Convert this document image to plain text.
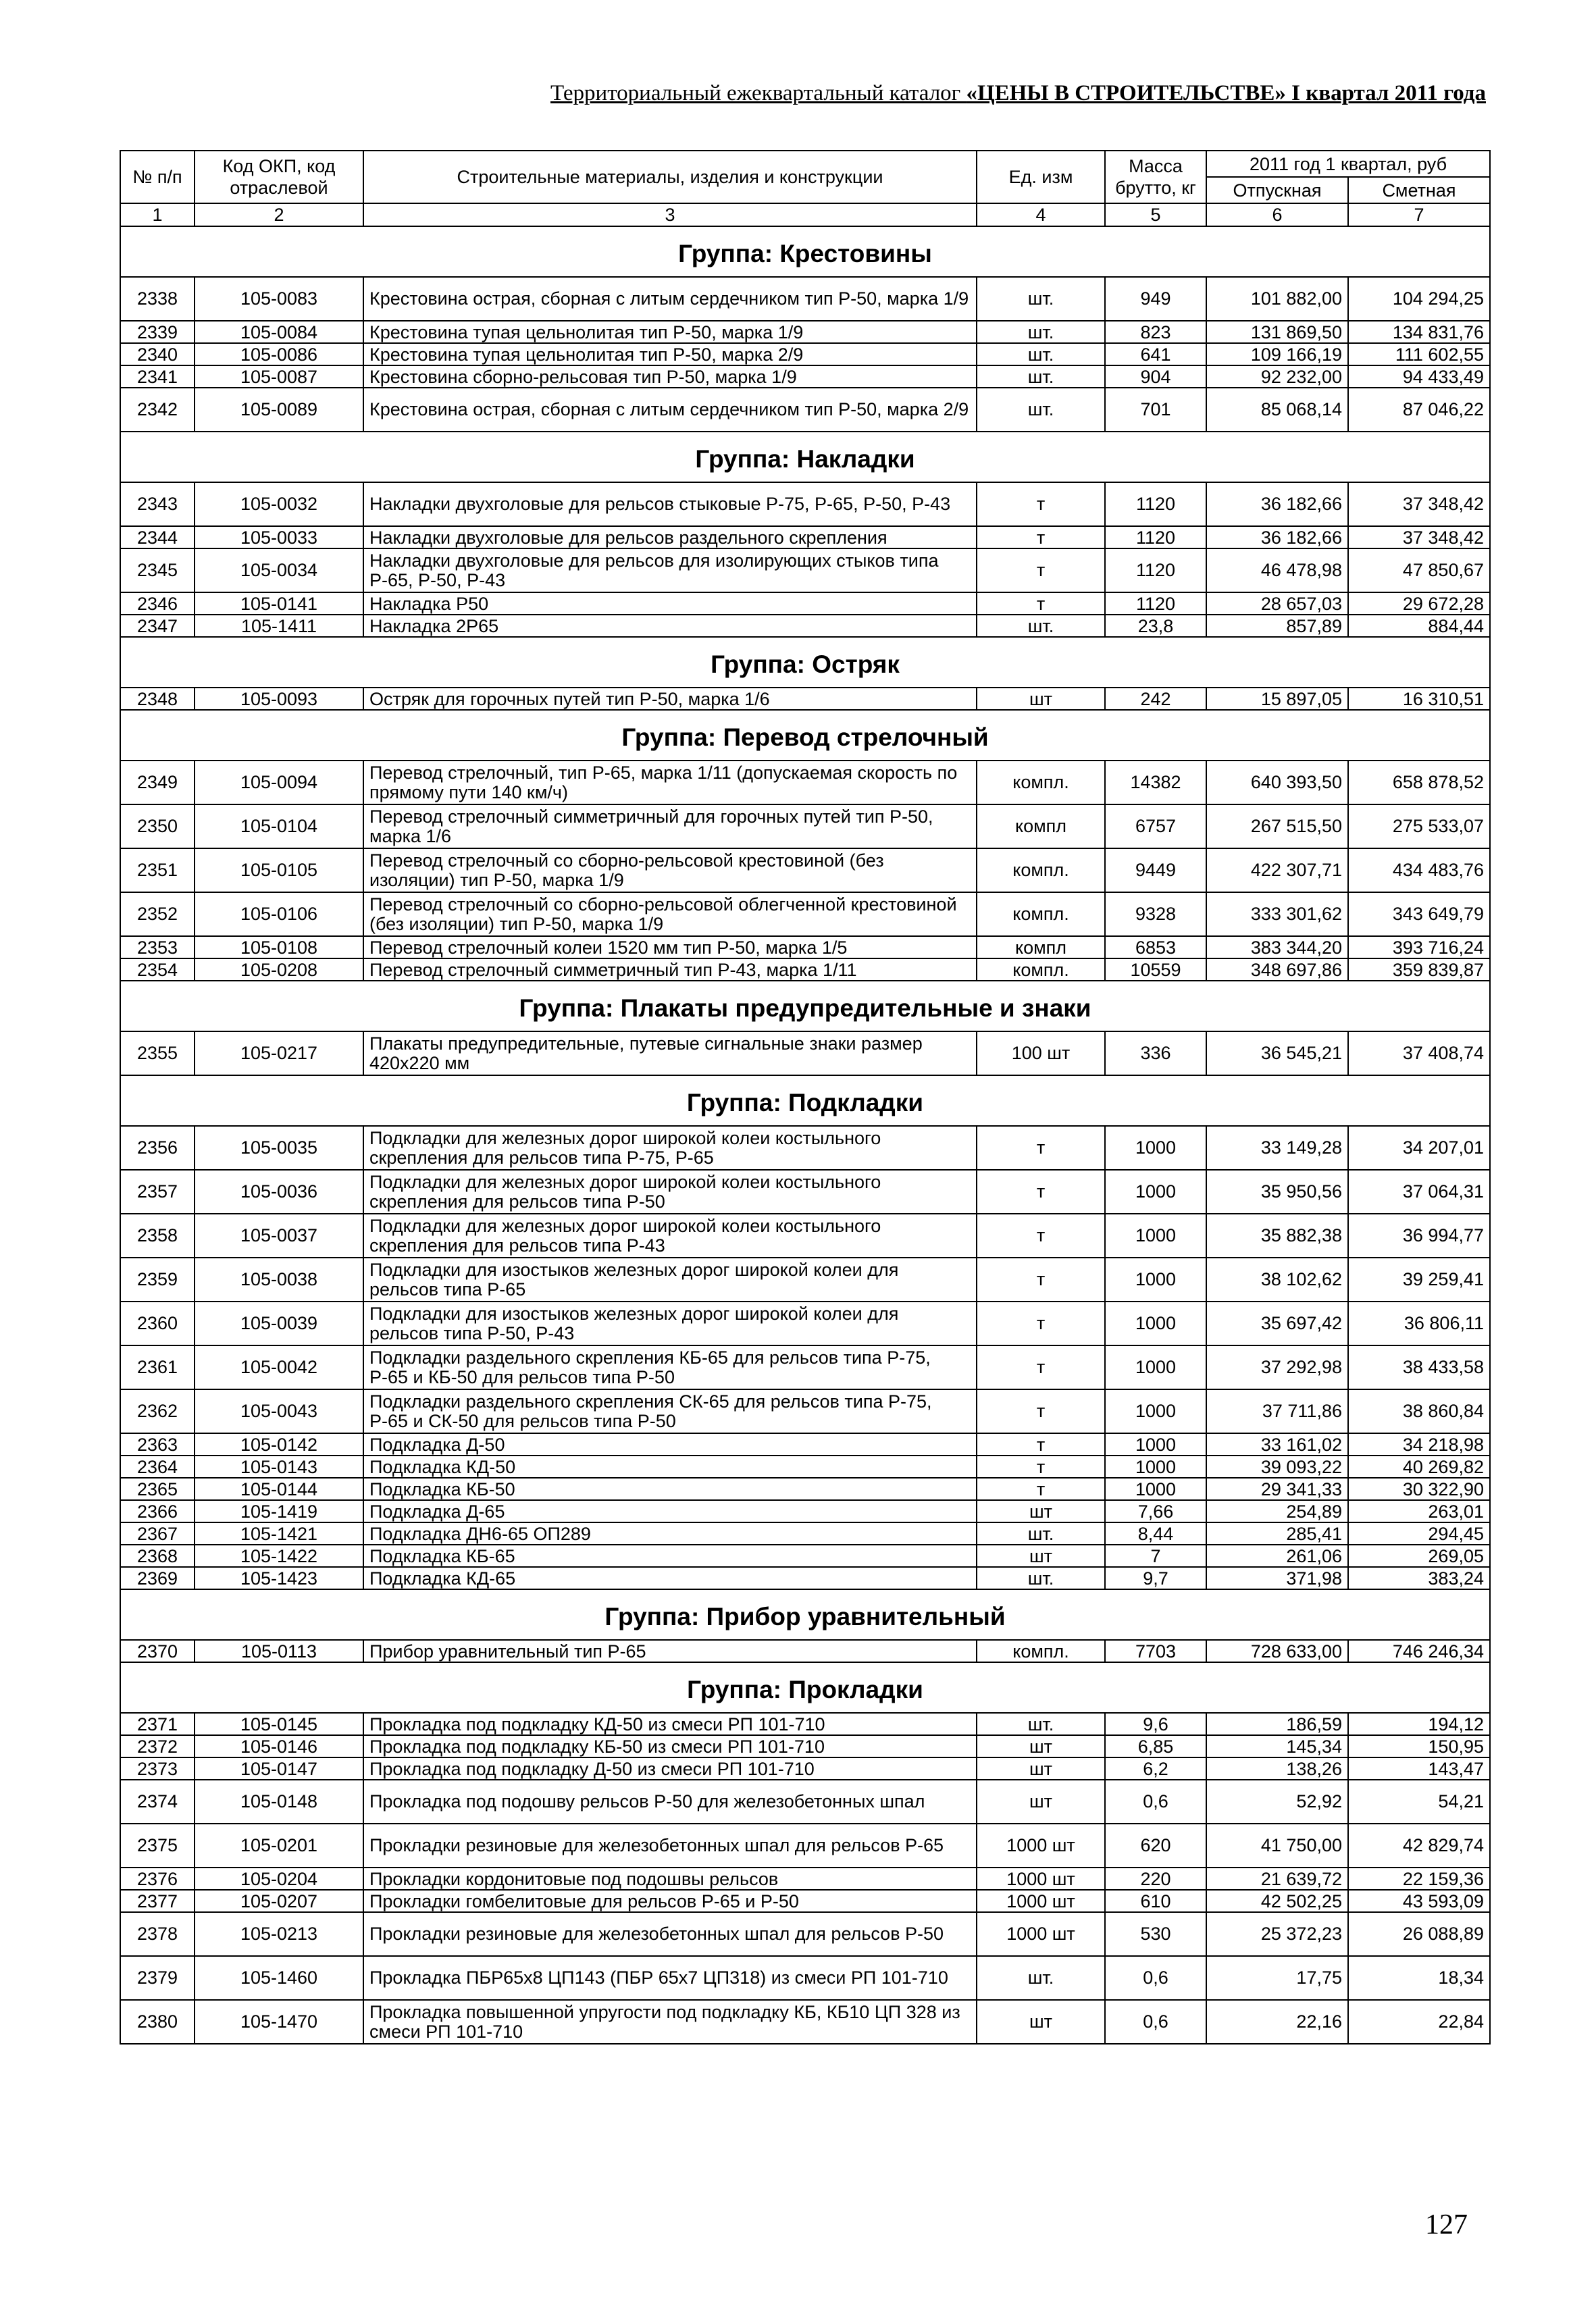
Территориальный ежеквартальный каталог «ЦЕНЫ В СТРОИТЕЛЬСТВЕ» I квартал 2011 года
№ п/п	Код ОКП, код отраслевой	Строительные материалы, изделия и конструкции	Ед. изм	Масса брутто, кг	2011 год 1 квартал, руб	
					Отпускная	Сметная
1	2	3	4	5	6	7
Группа: Крестовины						
2338	105-0083	Крестовина острая, сборная с литым сердечником тип Р-50, марка 1/9	шт.	949	101 882,00	104 294,25
2339	105-0084	Крестовина тупая цельнолитая тип Р-50, марка 1/9	шт.	823	131 869,50	134 831,76
2340	105-0086	Крестовина тупая цельнолитая тип Р-50, марка 2/9	шт.	641	109 166,19	111 602,55
2341	105-0087	Крестовина сборно-рельсовая тип Р-50, марка 1/9	шт.	904	92 232,00	94 433,49
2342	105-0089	Крестовина острая, сборная с литым сердечником тип Р-50, марка 2/9	шт.	701	85 068,14	87 046,22
Группа: Накладки						
2343	105-0032	Накладки двухголовые для рельсов стыковые Р-75, Р-65, Р-50, Р-43	т	1120	36 182,66	37 348,42
2344	105-0033	Накладки двухголовые для рельсов раздельного скрепления	т	1120	36 182,66	37 348,42
2345	105-0034	Накладки двухголовые для рельсов для изолирующих стыков типа Р-65, Р-50, Р-43	т	1120	46 478,98	47 850,67
2346	105-0141	Накладка Р50	т	1120	28 657,03	29 672,28
2347	105-1411	Накладка 2Р65	шт.	23,8	857,89	884,44
Группа: Остряк						
2348	105-0093	Остряк для горочных путей тип Р-50, марка 1/6	шт	242	15 897,05	16 310,51
Группа: Перевод стрелочный						
2349	105-0094	Перевод стрелочный, тип Р-65, марка 1/11 (допускаемая скорость по прямому пути 140 км/ч)	компл.	14382	640 393,50	658 878,52
2350	105-0104	Перевод стрелочный симметричный для горочных путей тип Р-50, марка 1/6	компл	6757	267 515,50	275 533,07
2351	105-0105	Перевод стрелочный со сборно-рельсовой крестовиной (без изоляции) тип Р-50, марка 1/9	компл.	9449	422 307,71	434 483,76
2352	105-0106	Перевод стрелочный со сборно-рельсовой облегченной крестовиной (без изоляции) тип Р-50, марка 1/9	компл.	9328	333 301,62	343 649,79
2353	105-0108	Перевод стрелочный колеи 1520 мм тип Р-50, марка 1/5	компл	6853	383 344,20	393 716,24
2354	105-0208	Перевод стрелочный симметричный тип Р-43, марка 1/11	компл.	10559	348 697,86	359 839,87
Группа: Плакаты предупредительные и знаки						
2355	105-0217	Плакаты предупредительные, путевые сигнальные знаки размер 420х220 мм	100 шт	336	36 545,21	37 408,74
Группа: Подкладки						
2356	105-0035	Подкладки для железных дорог широкой колеи костыльного скрепления для рельсов типа Р-75, Р-65	т	1000	33 149,28	34 207,01
2357	105-0036	Подкладки для железных дорог широкой колеи костыльного скрепления для рельсов типа Р-50	т	1000	35 950,56	37 064,31
2358	105-0037	Подкладки для железных дорог широкой колеи костыльного скрепления для рельсов типа Р-43	т	1000	35 882,38	36 994,77
2359	105-0038	Подкладки для изостыков железных дорог широкой колеи для рельсов типа Р-65	т	1000	38 102,62	39 259,41
2360	105-0039	Подкладки для изостыков железных дорог широкой колеи для рельсов типа Р-50, Р-43	т	1000	35 697,42	36 806,11
2361	105-0042	Подкладки раздельного скрепления КБ-65 для рельсов типа Р-75, Р-65 и КБ-50 для рельсов типа Р-50	т	1000	37 292,98	38 433,58
2362	105-0043	Подкладки раздельного скрепления СК-65 для рельсов типа Р-75, Р-65 и СК-50 для рельсов типа Р-50	т	1000	37 711,86	38 860,84
2363	105-0142	Подкладка Д-50	т	1000	33 161,02	34 218,98
2364	105-0143	Подкладка КД-50	т	1000	39 093,22	40 269,82
2365	105-0144	Подкладка КБ-50	т	1000	29 341,33	30 322,90
2366	105-1419	Подкладка Д-65	шт	7,66	254,89	263,01
2367	105-1421	Подкладка ДН6-65 ОП289	шт.	8,44	285,41	294,45
2368	105-1422	Подкладка КБ-65	шт	7	261,06	269,05
2369	105-1423	Подкладка КД-65	шт.	9,7	371,98	383,24
Группа: Прибор уравнительный						
2370	105-0113	Прибор уравнительный тип Р-65	компл.	7703	728 633,00	746 246,34
Группа: Прокладки						
2371	105-0145	Прокладка под подкладку КД-50 из смеси РП 101-710	шт.	9,6	186,59	194,12
2372	105-0146	Прокладка под подкладку КБ-50 из смеси РП 101-710	шт	6,85	145,34	150,95
2373	105-0147	Прокладка под подкладку Д-50 из смеси РП 101-710	шт	6,2	138,26	143,47
2374	105-0148	Прокладка под подошву рельсов Р-50 для железобетонных шпал	шт	0,6	52,92	54,21
2375	105-0201	Прокладки резиновые для железобетонных шпал для рельсов Р-65	1000 шт	620	41 750,00	42 829,74
2376	105-0204	Прокладки кордонитовые под подошвы рельсов	1000 шт	220	21 639,72	22 159,36
2377	105-0207	Прокладки гомбелитовые для рельсов Р-65 и Р-50	1000 шт	610	42 502,25	43 593,09
2378	105-0213	Прокладки резиновые для железобетонных шпал для рельсов Р-50	1000 шт	530	25 372,23	26 088,89
2379	105-1460	Прокладка ПБР65х8 ЦП143 (ПБР 65х7 ЦП318) из смеси РП 101-710	шт.	0,6	17,75	18,34
2380	105-1470	Прокладка повышенной упругости под подкладку КБ, КБ10 ЦП 328 из смеси РП 101-710	шт	0,6	22,16	22,84
127
